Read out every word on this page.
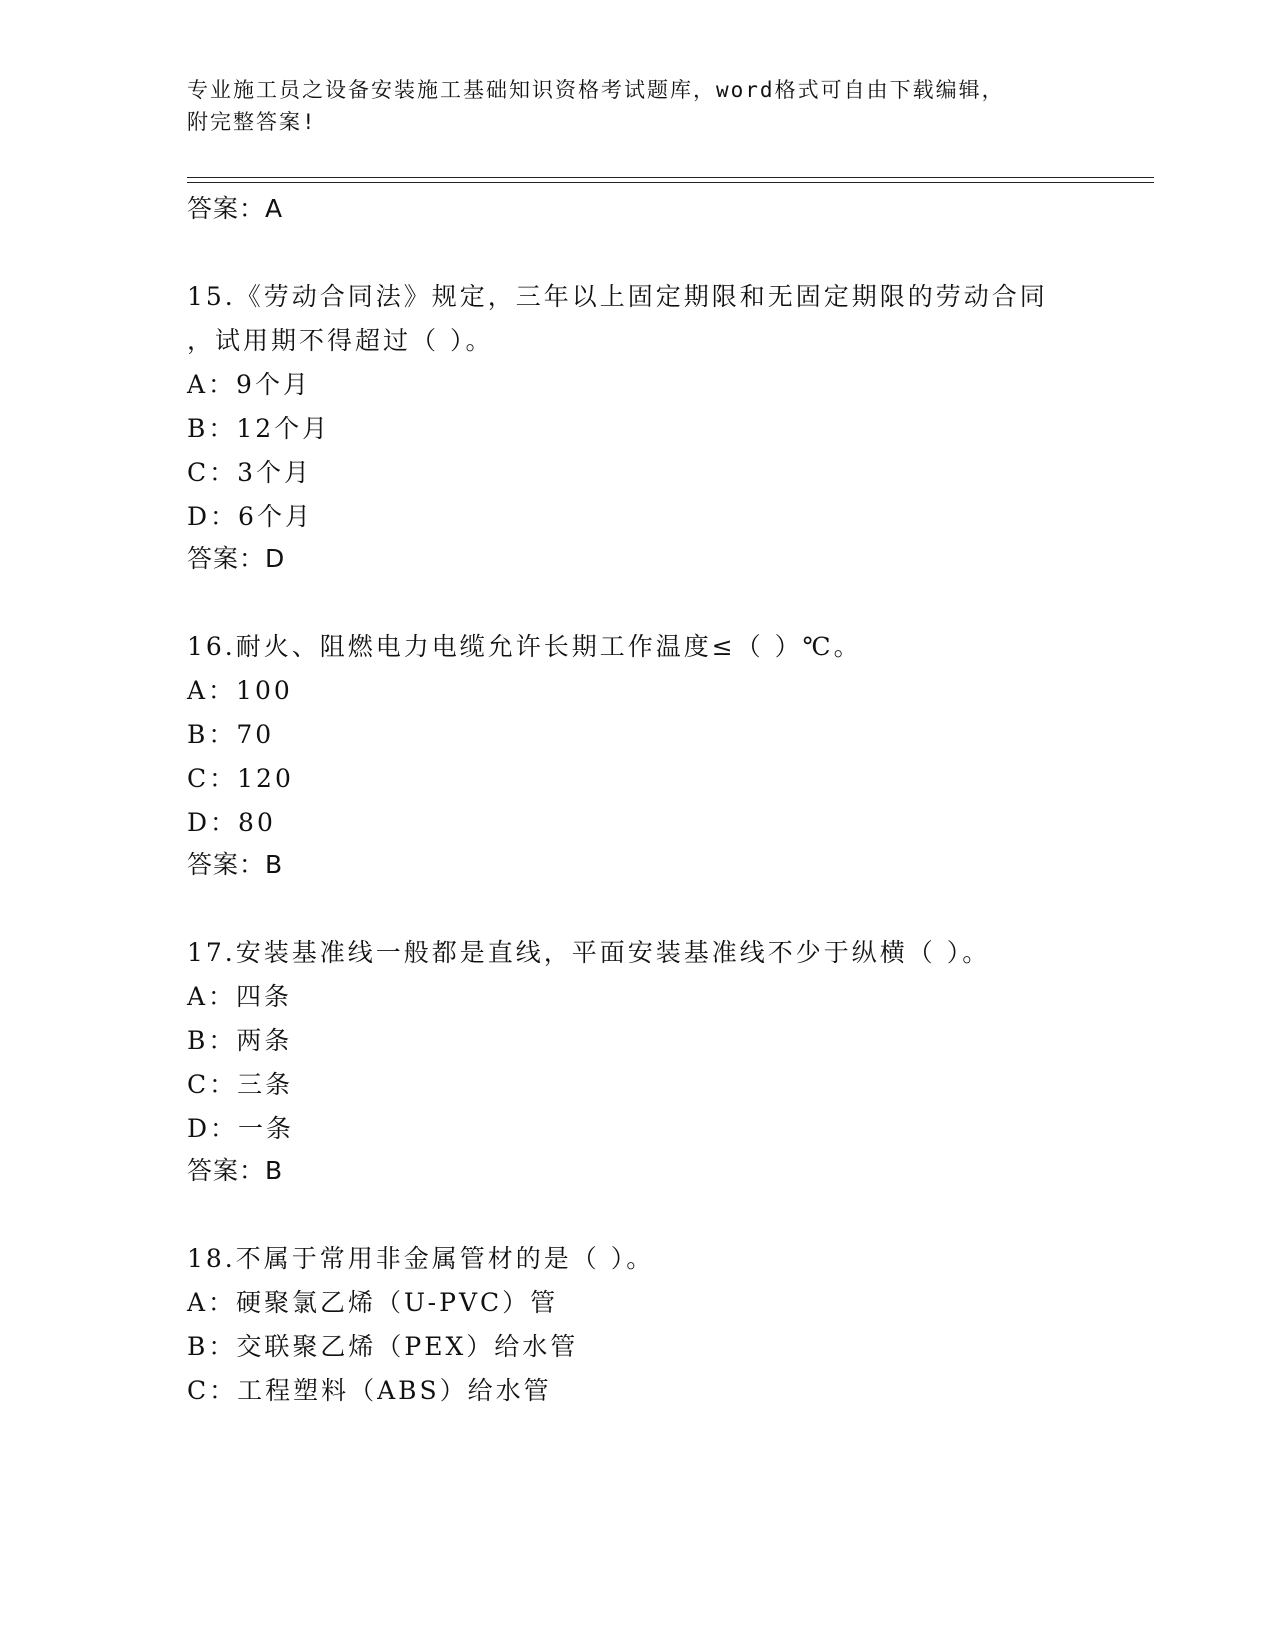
专业施工员之设备安装施工基础知识资格考试题库，word格式可自由下载编辑，
附完整答案!
答案：A
15.《劳动合同法》规定，三年以上固定期限和无固定期限的劳动合同
，试用期不得超过（ ）。
A：9个月
B：12个月
C：3个月
D：6个月
答案：D
16.耐火、阻燃电力电缆允许长期工作温度≤（ ）℃。
A：100
B：70
C：120
D：80
答案：B
17.安装基准线一般都是直线，平面安装基准线不少于纵横（ ）。
A：四条
B：两条
C：三条
D：一条
答案：B
18.不属于常用非金属管材的是（ ）。
A：硬聚氯乙烯（U-PVC）管
B：交联聚乙烯（PEX）给水管
C：工程塑料（ABS）给水管
